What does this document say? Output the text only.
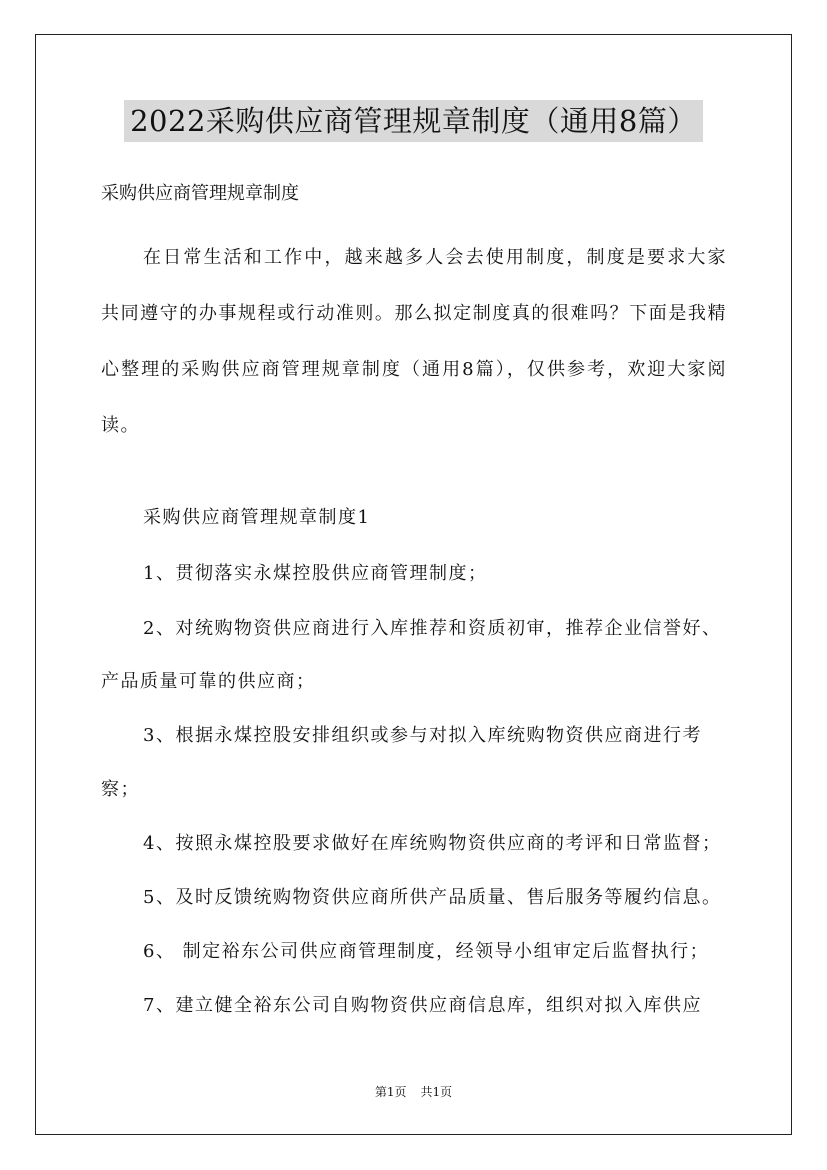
2022采购供应商管理规章制度（通用8篇）
采购供应商管理规章制度

在日常生活和工作中，越来越多人会去使用制度，制度是要求大家共同遵守的办事规程或行动准则。那么拟定制度真的很难吗？下面是我精心整理的采购供应商管理规章制度（通用8篇），仅供参考，欢迎大家阅读。

采购供应商管理规章制度1
1、贯彻落实永煤控股供应商管理制度；
2、对统购物资供应商进行入库推荐和资质初审，推荐企业信誉好、
产品质量可靠的供应商；
3、根据永煤控股安排组织或参与对拟入库统购物资供应商进行考
察；
4、按照永煤控股要求做好在库统购物资供应商的考评和日常监督；
5、及时反馈统购物资供应商所供产品质量、售后服务等履约信息。
6、 制定裕东公司供应商管理制度，经领导小组审定后监督执行；
7、建立健全裕东公司自购物资供应商信息库，组织对拟入库供应
第1页 共1页
